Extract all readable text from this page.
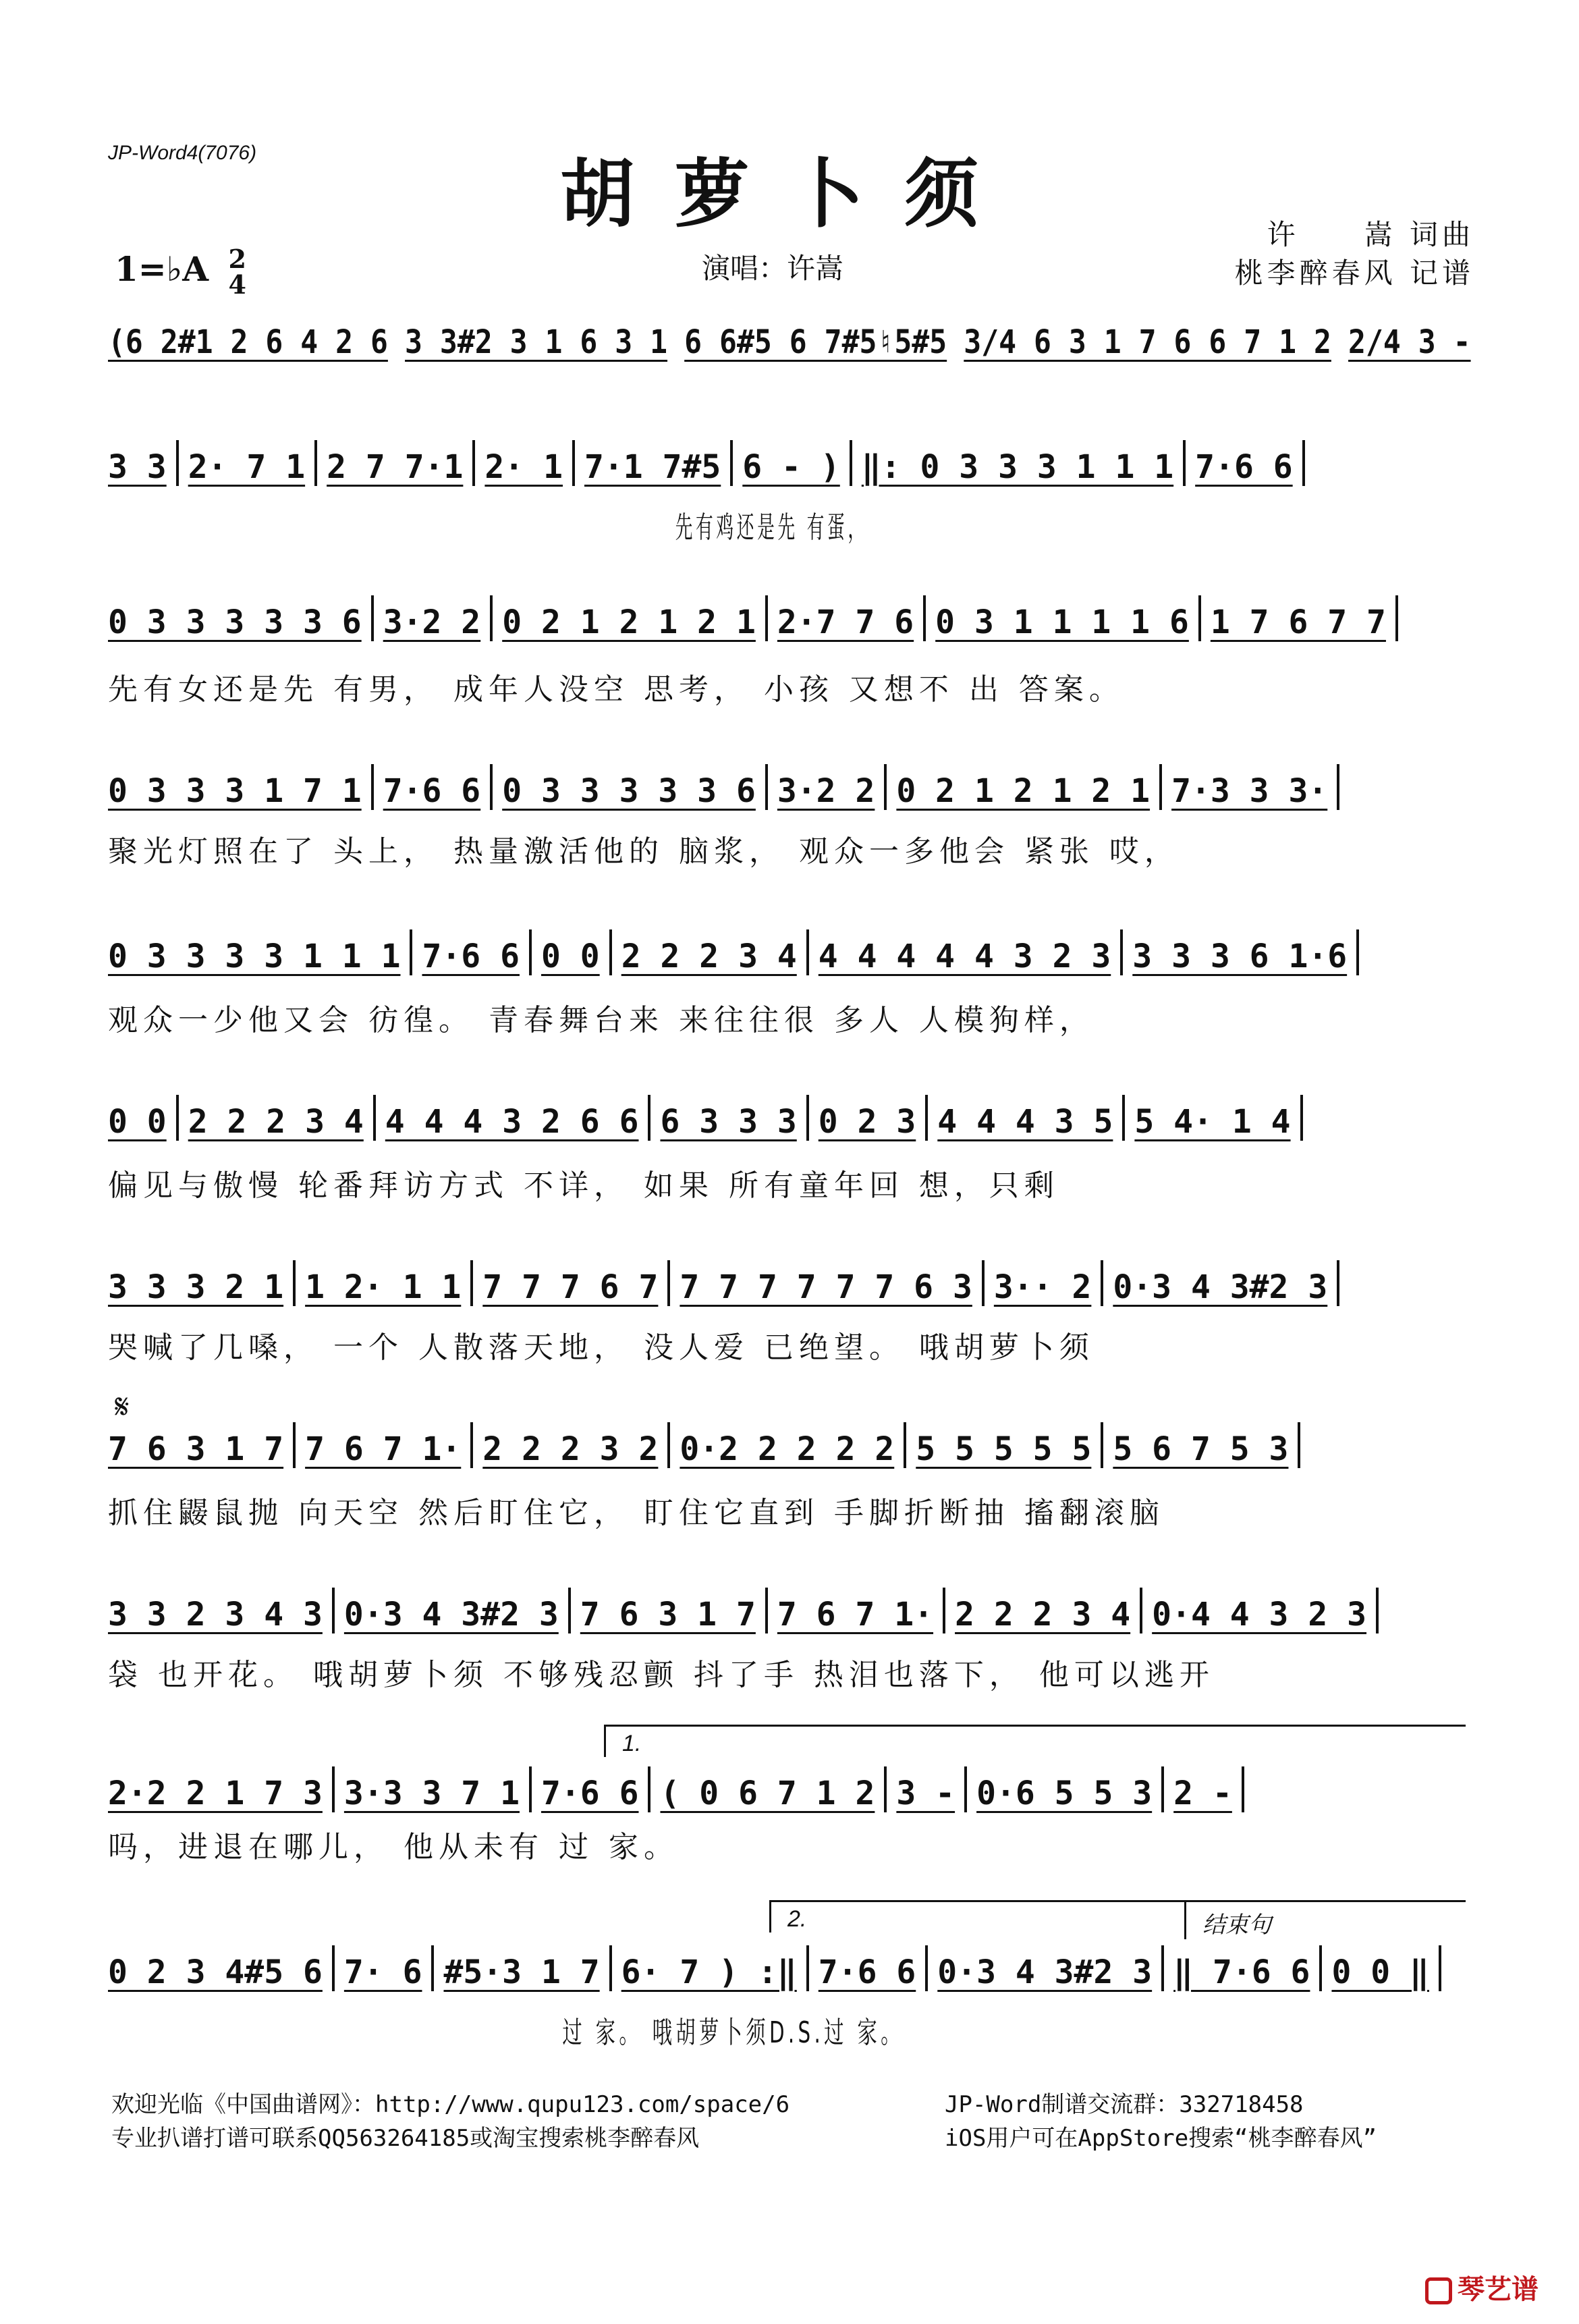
JP-Word4(7076)	胡萝卜须	许　　嵩 词曲
桃李醉春风 记谱
1=♭A 2
4	演唱：许嵩
(6 2#1 2 6 4 2 6 3 3#2 3 1 6 3 1 6 6#5 6 7#5♮5#5 3/4 6 3 1 7 6 6 7 1 2 2/4 3 -
3 3 2· 7 1 2 7 7·1 2· 1 7·1 7#5 6 - ) ‖: 0 3 3 3 1 1 1 7·6 6
先有鸡还是先 有蛋，
0 3 3 3 3 3 6 3·2 2 0 2 1 2 1 2 1 2·7 7 6 0 3 1 1 1 1 6 1 7 6 7 7
先有女还是先 有男， 成年人没空 思考， 小孩 又想不 出 答案。
0 3 3 3 1 7 1 7·6 6 0 3 3 3 3 3 6 3·2 2 0 2 1 2 1 2 1 7·3 3 3·
聚光灯照在了 头上， 热量激活他的 脑浆， 观众一多他会 紧张 哎，
0 3 3 3 3 1 1 1 7·6 6 0 0 2 2 2 3 4 4 4 4 4 4 3 2 3 3 3 3 6 1·6
观众一少他又会 彷徨。 青春舞台来 来往往很 多人 人模狗样，
0 0 2 2 2 3 4 4 4 4 3 2 6 6 6 3 3 3 0 2 3 4 4 4 3 5 5 4· 1 4
偏见与傲慢 轮番拜访方式 不详， 如果 所有童年回 想，只剩
3 3 3 2 1 1 2· 1 1 7 7 7 6 7 7 7 7 7 7 7 6 3 3·· 2 0·3 4 3#2 3
哭喊了几嗓， 一个 人散落天地， 没人爱 已绝望。 哦胡萝卜须
7 6 3 1 7 7 6 7 1· 2 2 2 3 2 0·2 2 2 2 2 5 5 5 5 5 5 6 7 5 3
抓住鼹鼠抛 向天空 然后盯住它， 盯住它直到 手脚折断抽 搐翻滚脑
3 3 2 3 4 3 0·3 4 3#2 3 7 6 3 1 7 7 6 7 1· 2 2 2 3 4 0·4 4 3 2 3
袋 也开花。 哦胡萝卜须 不够残忍颤 抖了手 热泪也落下， 他可以逃开
2·2 2 1 7 3 3·3 3 7 1 7·6 6 ( 0 6 7 1 2 3 - 0·6 5 5 3 2 -
吗，进退在哪儿， 他从未有 过 家。
0 2 3 4#5 6 7· 6 #5·3 1 7 6· 7 ) :‖ 7·6 6 0·3 4 3#2 3 ‖ 7·6 6 0 0 ‖
过 家。 哦胡萝卜须D.S.过 家。
𝄋
1.
2.	结束句
欢迎光临《中国曲谱网》：http://www.qupu123.com/space/6
专业扒谱打谱可联系QQ563264185或淘宝搜索桃李醉春风
JP-Word制谱交流群：332718458
iOS用户可在AppStore搜索“桃李醉春风”
琴艺谱
